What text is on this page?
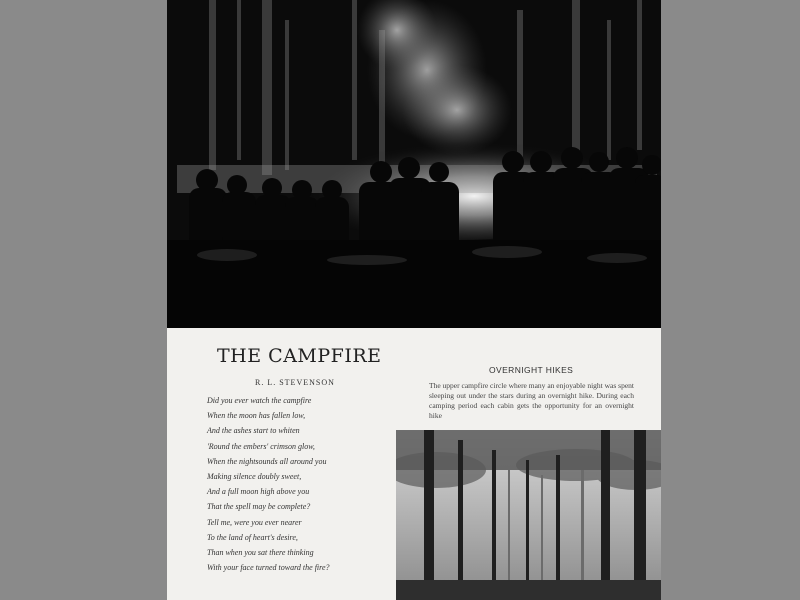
THE CAMPFIRE
R. L. STEVENSON
Did you ever watch the campfire
When the moon has fallen low,
And the ashes start to whiten
'Round the embers' crimson glow,
When the nightsounds all around you
Making silence doubly sweet,
And a full moon high above you
That the spell may be complete?
Tell me, were you ever nearer
To the land of heart's desire,
Than when you sat there thinking
With your face turned toward the fire?
OVERNIGHT HIKES
The upper campfire circle where many an enjoyable night was spent sleeping out under the stars during an overnight hike. During each camping period each cabin gets the opportunity for an overnight hike
